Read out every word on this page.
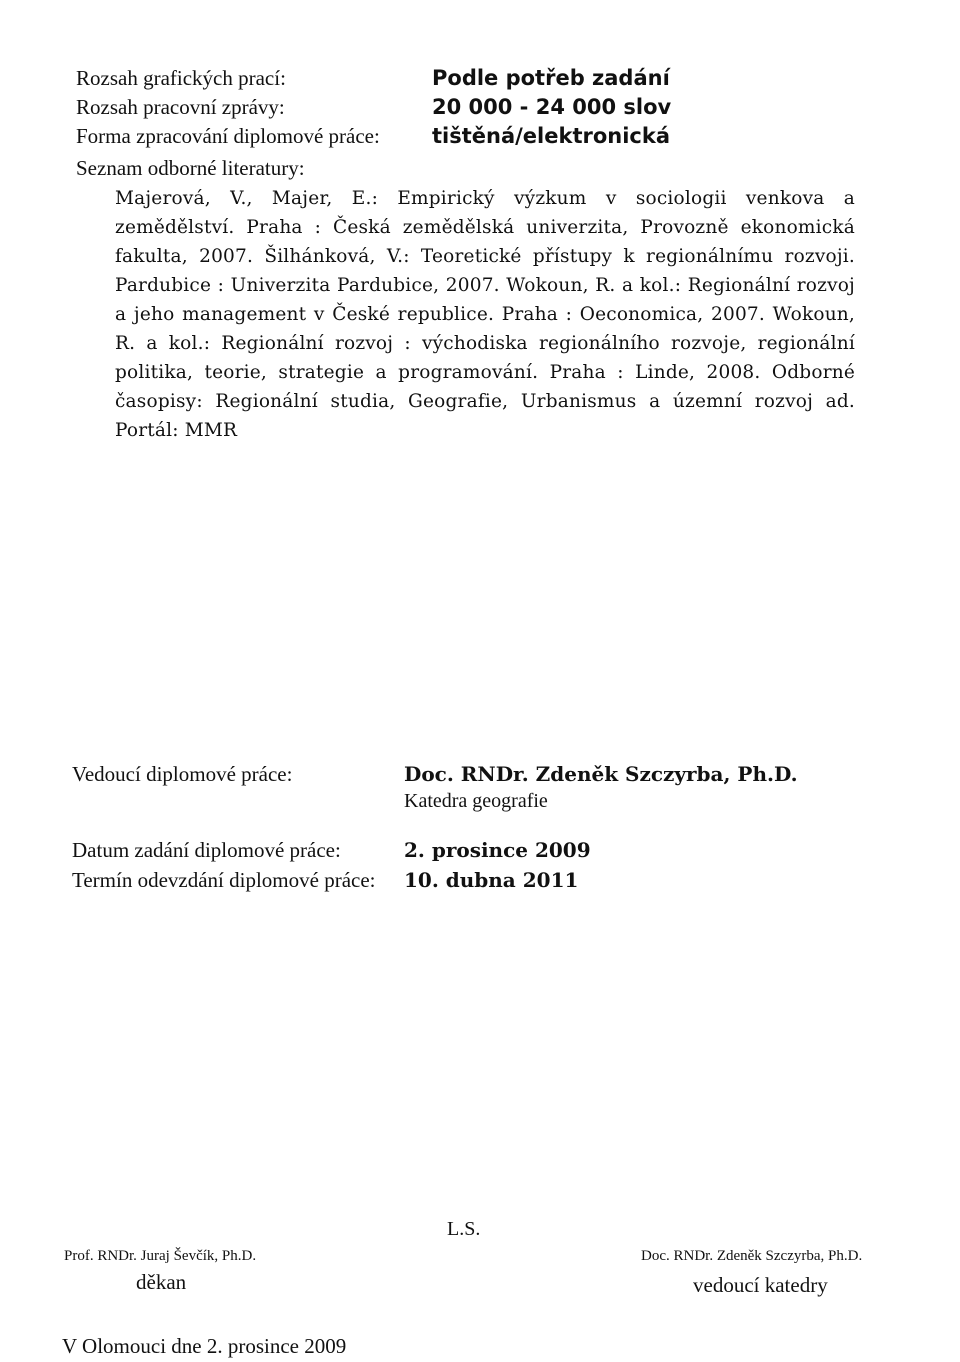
Rozsah grafických prací:	Podle potřeb zadání
Rozsah pracovní zprávy:	20 000 - 24 000 slov
Forma zpracování diplomové práce: tištěná/elektronická
Seznam odborné literatury:
Majerová, V., Majer, E.: Empirický výzkum v sociologii venkova a zemědělství. Praha : Česká zemědělská univerzita, Provozně ekonomická fakulta, 2007. Šilhánková, V.: Teoretické přístupy k regionálnímu rozvoji. Pardubice : Univerzita Pardubice, 2007. Wokoun, R. a kol.: Regionální rozvoj a jeho management v České republice. Praha : Oeconomica, 2007. Wokoun, R. a kol.: Regionální rozvoj : východiska regionálního rozvoje, regionální politika, teorie, strategie a programování. Praha : Linde, 2008. Odborné časopisy: Regionální studia, Geografie, Urbanismus a územní rozvoj ad. Portál: MMR
Vedoucí diplomové práce:	Doc. RNDr. Zdeněk Szczyrba, Ph.D.
Katedra geografie
Datum zadání diplomové práce:	2. prosince 2009
Termín odevzdání diplomové práce: 10. dubna 2011
L.S.
Prof. RNDr. Juraj Ševčík, Ph.D.
děkan
Doc. RNDr. Zdeněk Szczyrba, Ph.D.
vedoucí katedry
V Olomouci dne 2. prosince 2009
